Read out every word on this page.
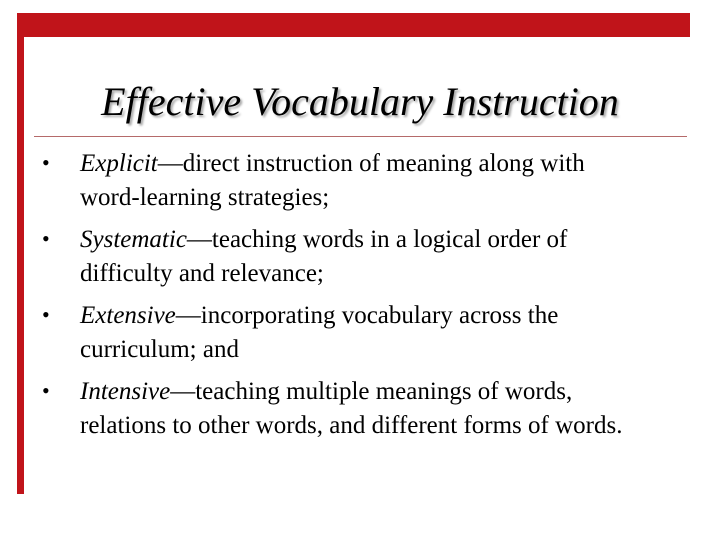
Effective Vocabulary Instruction
• Explicit—direct instruction of meaning along with word-learning strategies;
• Systematic—teaching words in a logical order of difficulty and relevance;
• Extensive—incorporating vocabulary across the curriculum; and
• Intensive—teaching multiple meanings of words, relations to other words, and different forms of words.
